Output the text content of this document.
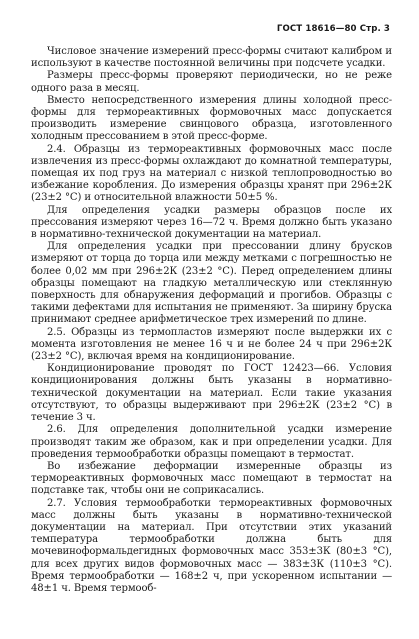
ГОСТ 18616—80 Стр. 3

Числовое значение измерений пресс-формы считают калибром и используют в качестве постоянной величины при подсчете усадки.

Размеры пресс-формы проверяют периодически, но не реже одного раза в месяц.

Вместо непосредственного измерения длины холодной пресс-формы для термореактивных формовочных масс допускается производить измерение свинцового образца, изготовленного холодным прессованием в этой пресс-форме.

2.4. Образцы из термореактивных формовочных масс после извлечения из пресс-формы охлаждают до комнатной температуры, помещая их под груз на материал с низкой теплопроводностью во избежание коробления. До измерения образцы хранят при 296±2К (23±2 °С) и относительной влажности 50±5 %.

Для определения усадки размеры образцов после их прессования измеряют через 16—72 ч. Время должно быть указано в нормативно-технической документации на материал.

Для определения усадки при прессовании длину брусков измеряют от торца до торца или между метками с погрешностью не более 0,02 мм при 296±2К (23±2 °С). Перед определением длины образцы помещают на гладкую металлическую или стеклянную поверхность для обнаружения деформаций и прогибов. Образцы с такими дефектами для испытания не применяют. За ширину бруска принимают среднее арифметическое трех измерений по длине.

2.5. Образцы из термопластов измеряют после выдержки их с момента изготовления не менее 16 ч и не более 24 ч при 296±2К (23±2 °С), включая время на кондиционирование.

Кондиционирование проводят по ГОСТ 12423—66. Условия кондиционирования должны быть указаны в нормативно-технической документации на материал. Если такие указания отсутствуют, то образцы выдерживают при 296±2К (23±2 °С) в течение 3 ч.

2.6. Для определения дополнительной усадки измерение производят таким же образом, как и при определении усадки. Для проведения термообработки образцы помещают в термостат.

Во избежание деформации измеренные образцы из термореактивных формовочных масс помещают в термостат на подставке так, чтобы они не соприкасались.

2.7. Условия термообработки термореактивных формовочных масс должны быть указаны в нормативно-технической документации на материал. При отсутствии этих указаний температура термообработки должна быть для мочевиноформальдегидных формовочных масс 353±3К (80±3 °С), для всех других видов формовочных масс — 383±3К (110±3 °С). Время термообработки — 168±2 ч, при ускоренном испытании — 48±1 ч. Время термооб-
